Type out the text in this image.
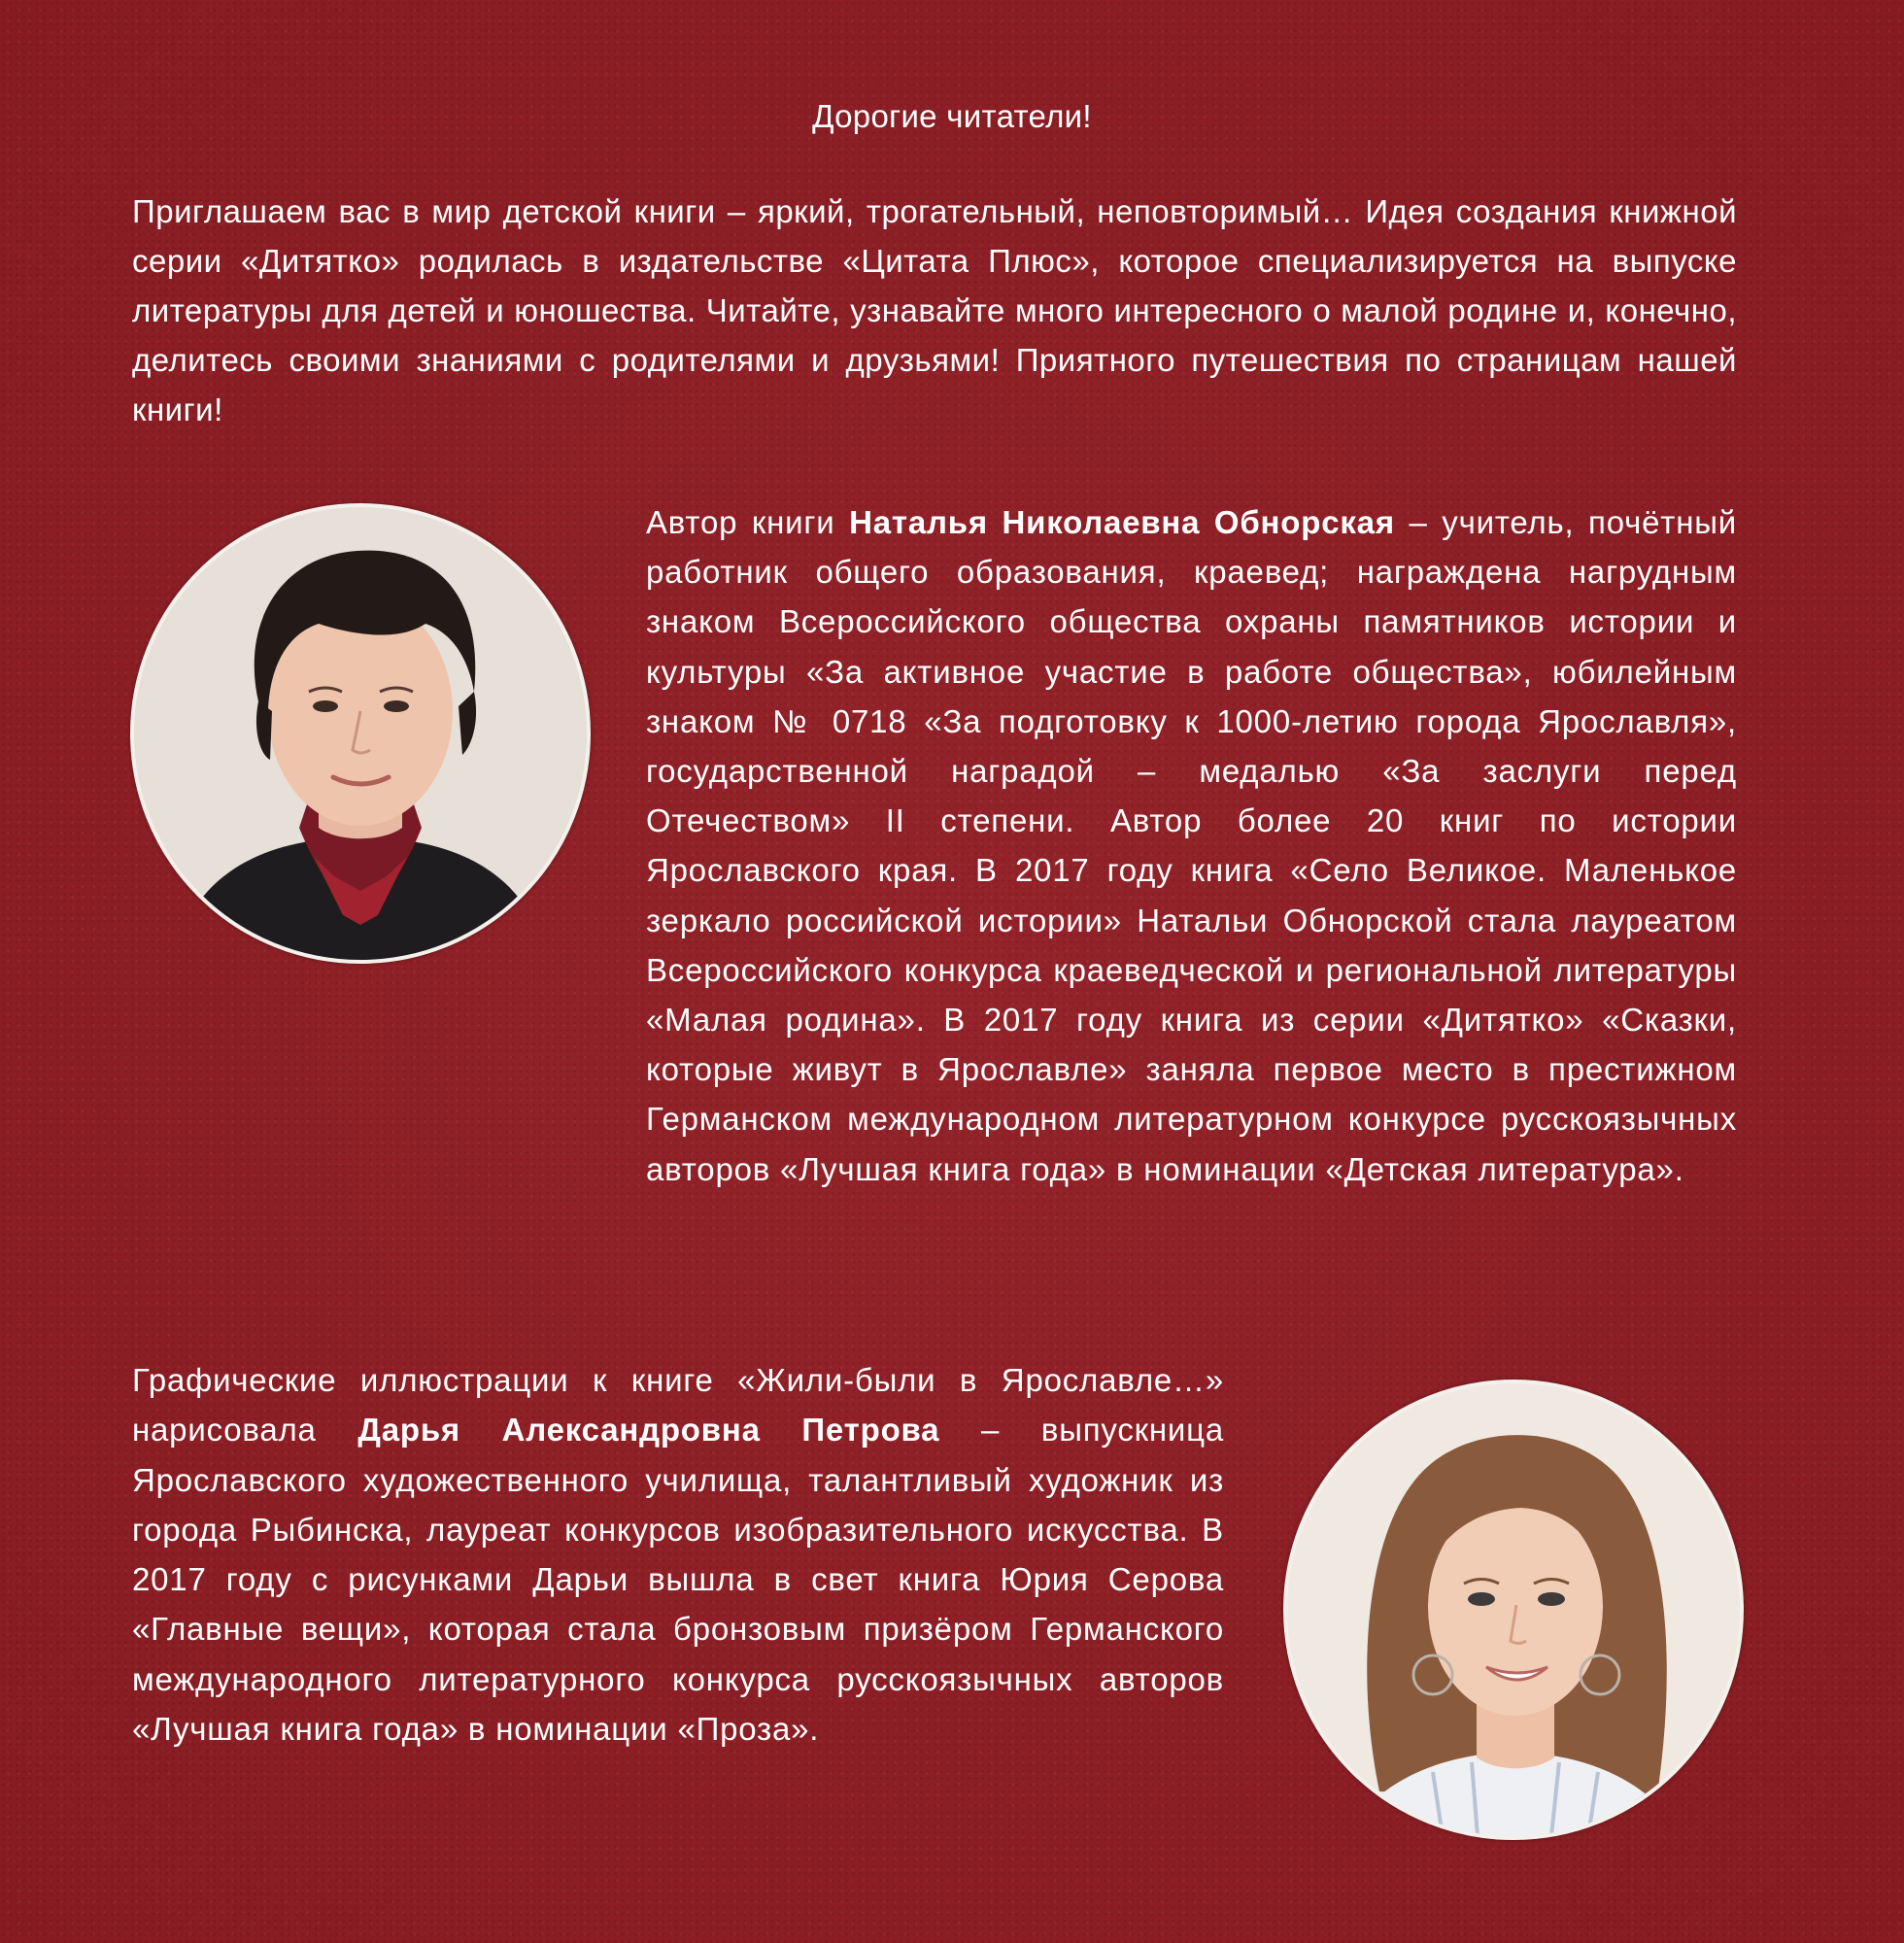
Дорогие читатели!
Приглашаем вас в мир детской книги – яркий, трогательный, неповторимый… Идея создания книжной серии «Дитятко» родилась в издательстве «Цитата Плюс», которое специализируется на выпуске литературы для детей и юношества. Читайте, узнавайте много интересного о малой родине и, конечно, делитесь своими знаниями с родителями и друзьями! Приятного путешествия по страницам нашей книги!
Автор книги Наталья Николаевна Обнорская – учитель, почётный работник общего образования, краевед; награждена нагрудным знаком Всероссийского общества охраны памятников истории и культуры «За активное участие в работе общества», юбилейным знаком № 0718 «За подготовку к 1000-летию города Ярославля», государственной наградой – медалью «За заслуги перед Отечеством» II степени. Автор более 20 книг по истории Ярославского края. В 2017 году книга «Село Великое. Маленькое зеркало российской истории» Натальи Обнорской стала лауреатом Всероссийского конкурса краеведческой и региональной литературы «Малая родина». В 2017 году книга из серии «Дитятко» «Сказки, которые живут в Ярославле» заняла первое место в престижном Германском международном литературном конкурсе русскоязычных авторов «Лучшая книга года» в номинации «Детская литература».
Графические иллюстрации к книге «Жили-были в Ярославле…» нарисовала Дарья Александровна Петрова – выпускница Ярославского художественного училища, талантливый художник из города Рыбинска, лауреат конкурсов изобразительного искусства. В 2017 году с рисунками Дарьи вышла в свет книга Юрия Серова «Главные вещи», которая стала бронзовым призёром Германского международного литературного конкурса русскоязычных авторов «Лучшая книга года» в номинации «Проза».
